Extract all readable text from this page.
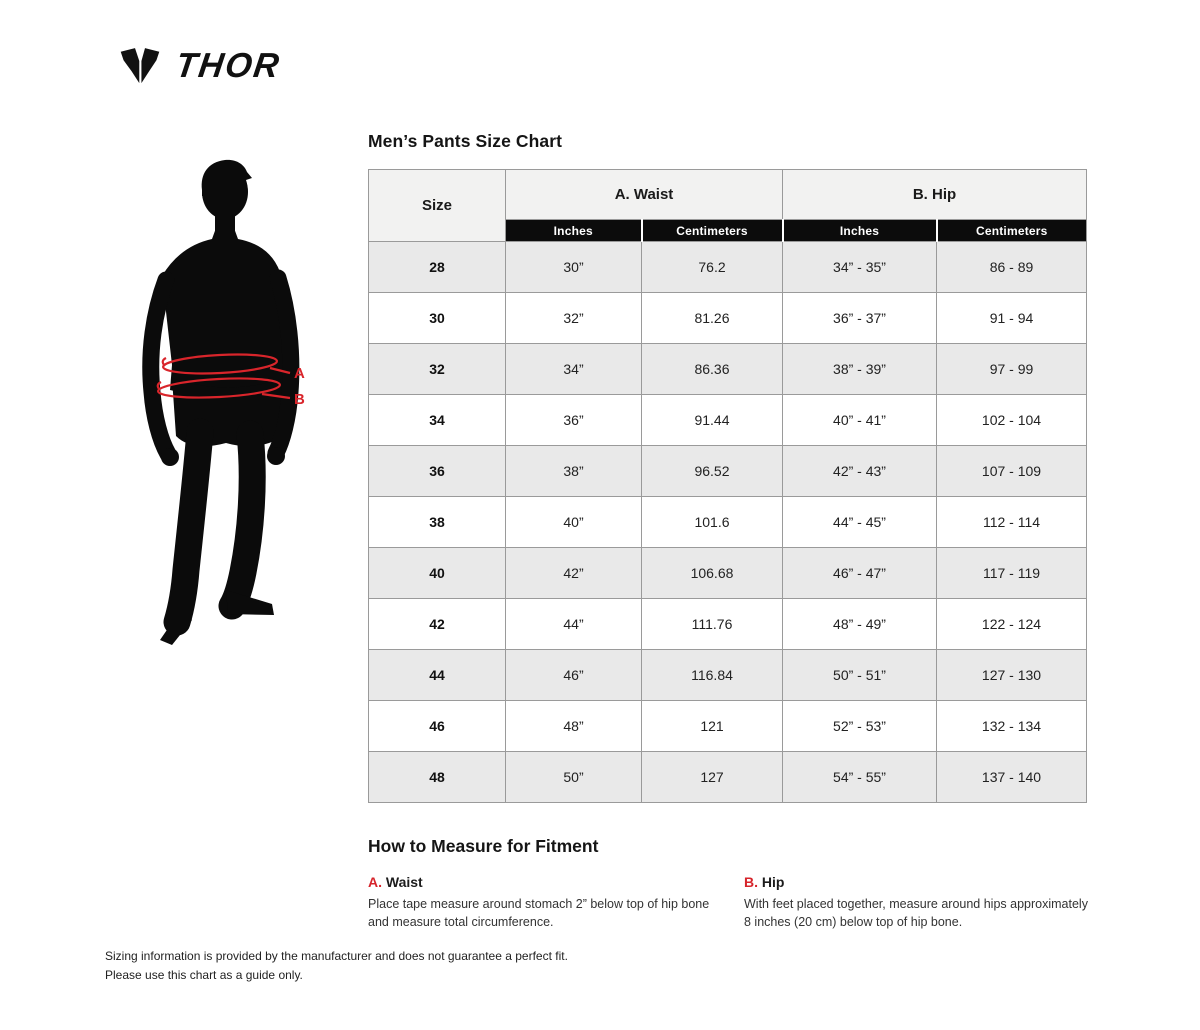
THOR
A
B
Men’s Pants Size Chart
Size	A. Waist		B. Hip	
	Inches	Centimeters	Inches	Centimeters
28	30”	76.2	34” - 35”	86 - 89
30	32”	81.26	36” - 37”	91 - 94
32	34”	86.36	38” - 39”	97 - 99
34	36”	91.44	40” - 41”	102 - 104
36	38”	96.52	42” - 43”	107 - 109
38	40”	101.6	44” - 45”	112 - 114
40	42”	106.68	46” - 47”	117 - 119
42	44”	111.76	48” - 49”	122 - 124
44	46”	116.84	50” - 51”	127 - 130
46	48”	121	52” - 53”	132 - 134
48	50”	127	54” - 55”	137 - 140
How to Measure for Fitment
A. Waist
Place tape measure around stomach 2” below top of hip bone and measure total circumference.
B. Hip
With feet placed together, measure around hips approximately 8 inches (20 cm) below top of hip bone.
Sizing information is provided by the manufacturer and does not guarantee a perfect fit.
Please use this chart as a guide only.
